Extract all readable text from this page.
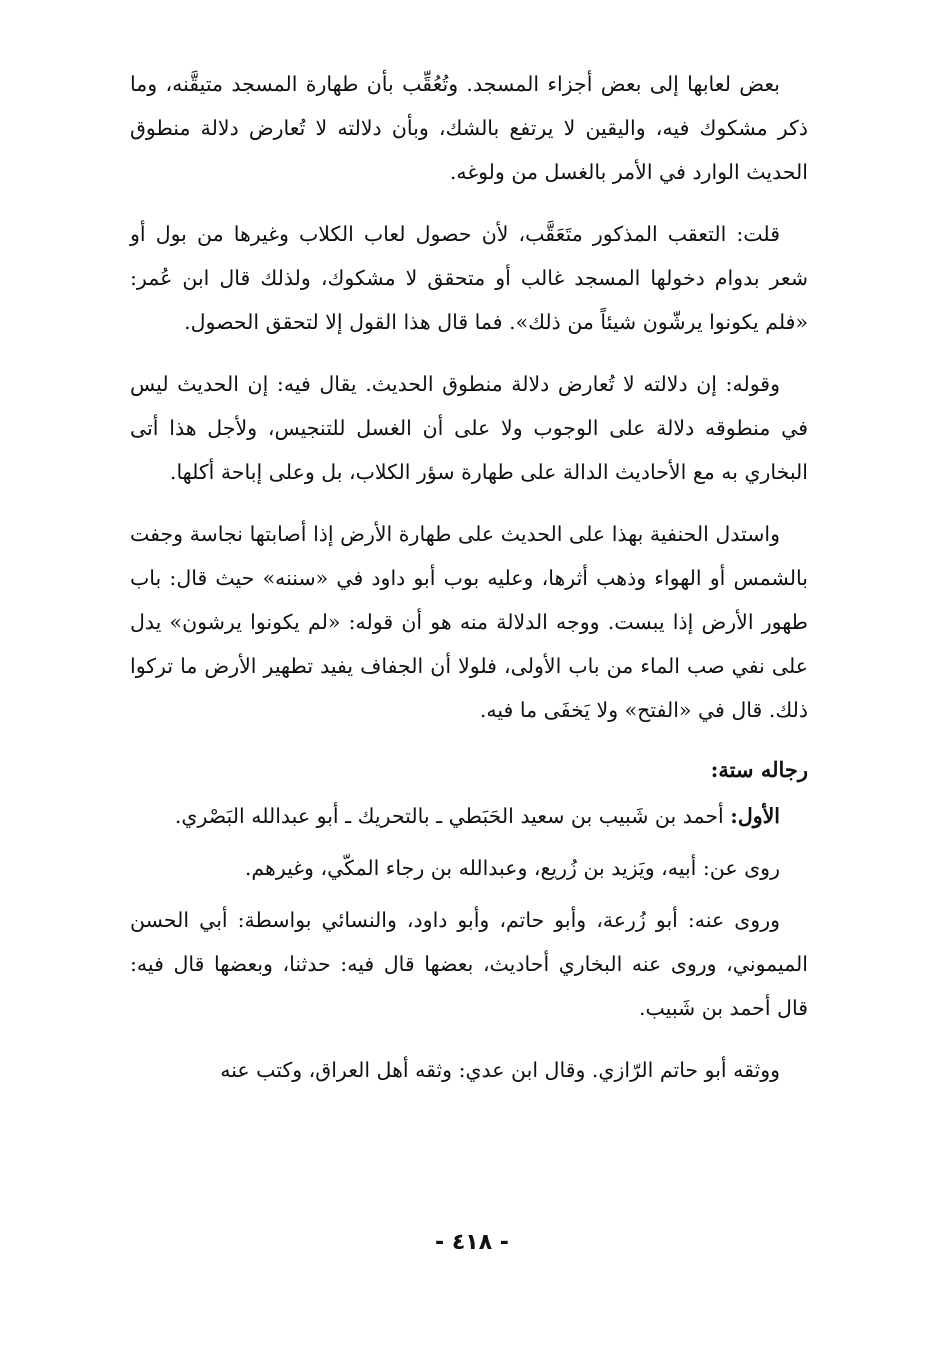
بعض لعابها إلى بعض أجزاء المسجد. وتُعُقِّب بأن طهارة المسجد متيقَّنه، وما ذكر مشكوك فيه، واليقين لا يرتفع بالشك، وبأن دلالته لا تُعارض دلالة منطوق الحديث الوارد في الأمر بالغسل من ولوغه.

قلت: التعقب المذكور متَعَقَّب، لأن حصول لعاب الكلاب وغيرها من بول أو شعر بدوام دخولها المسجد غالب أو متحقق لا مشكوك، ولذلك قال ابن عُمر: «فلم يكونوا يرشّون شيئاً من ذلك». فما قال هذا القول إلا لتحقق الحصول.

وقوله: إن دلالته لا تُعارض دلالة منطوق الحديث. يقال فيه: إن الحديث ليس في منطوقه دلالة على الوجوب ولا على أن الغسل للتنجيس، ولأجل هذا أتى البخاري به مع الأحاديث الدالة على طهارة سؤر الكلاب، بل وعلى إباحة أكلها.

واستدل الحنفية بهذا على الحديث على طهارة الأرض إذا أصابتها نجاسة وجفت بالشمس أو الهواء وذهب أثرها، وعليه بوب أبو داود في «سننه» حيث قال: باب طهور الأرض إذا يبست. ووجه الدلالة منه هو أن قوله: «لم يكونوا يرشون» يدل على نفي صب الماء من باب الأولى، فلولا أن الجفاف يفيد تطهير الأرض ما تركوا ذلك. قال في «الفتح» ولا يَخفَى ما فيه.

رجاله ستة:

الأول: أحمد بن شَبيب بن سعيد الحَبَطي ـ بالتحريك ـ أبو عبدالله البَصْري.

روى عن: أبيه، ويَزيد بن زُريع، وعبدالله بن رجاء المكّي، وغيرهم.

وروى عنه: أبو زُرعة، وأبو حاتم، وأبو داود، والنسائي بواسطة: أبي الحسن الميموني، وروى عنه البخاري أحاديث، بعضها قال فيه: حدثنا، وبعضها قال فيه: قال أحمد بن شَبيب.

ووثقه أبو حاتم الرّازي. وقال ابن عدي: وثقه أهل العراق، وكتب عنه

- ٤١٨ -
